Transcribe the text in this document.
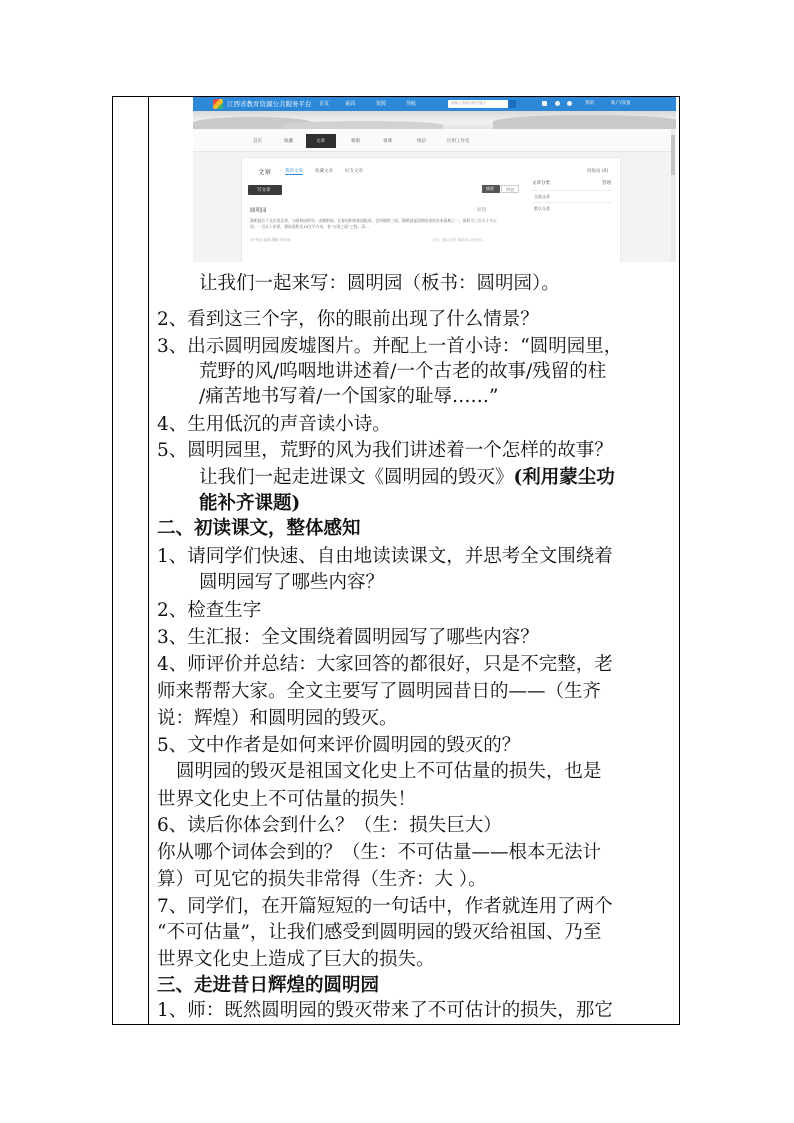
江西省教育资源公共服务平台 首页	桌面	资源	导航	请输入资源名称关键字	我的	账户/设置
首页	收藏	文章	相册	备课	组信	应用工作室
文章	我的文章	收藏文章	好友文章	回收站 (0)
写文章	摘要	列表
圆明园	原创
圆明园位于北京西北郊，与颐和园相邻，由圆明园、长春园和绮春园组成，也叫圆明三园。圆明园是清朝皇帝的皇家园林之一，面积为三百五十多公顷，一百五十余景，建筑面积达16万平方米，有“万园之园”之称。清…
0分钟前 编辑 删除 推荐到	分类：默认分类 阅读(0) 评论(0)
文章分类	管理
全部文章
默认分类
让我们一起来写：圆明园（板书：圆明园）。
2、看到这三个字，你的眼前出现了什么情景？
3、出示圆明园废墟图片。并配上一首小诗：“圆明园里，
荒野的风/呜咽地讲述着/一个古老的故事/残留的柱
/痛苦地书写着/一个国家的耻辱……”
4、生用低沉的声音读小诗。
5、圆明园里，荒野的风为我们讲述着一个怎样的故事？
让我们一起走进课文《圆明园的毁灭》(利用蒙尘功
能补齐课题)
二、初读课文，整体感知
1、请同学们快速、自由地读读课文，并思考全文围绕着
圆明园写了哪些内容？
2、检查生字
3、生汇报：全文围绕着圆明园写了哪些内容？
4、师评价并总结：大家回答的都很好，只是不完整，老
师来帮帮大家。全文主要写了圆明园昔日的——（生齐
说：辉煌）和圆明园的毁灭。
5、文中作者是如何来评价圆明园的毁灭的？
圆明园的毁灭是祖国文化史上不可估量的损失，也是
世界文化史上不可估量的损失！
6、读后你体会到什么？（生：损失巨大）
你从哪个词体会到的？（生：不可估量——根本无法计
算）可见它的损失非常得（生齐：大 ）。
7、同学们，在开篇短短的一句话中，作者就连用了两个
“不可估量”，让我们感受到圆明园的毁灭给祖国、乃至
世界文化史上造成了巨大的损失。
三、走进昔日辉煌的圆明园
1、师：既然圆明园的毁灭带来了不可估计的损失，那它
